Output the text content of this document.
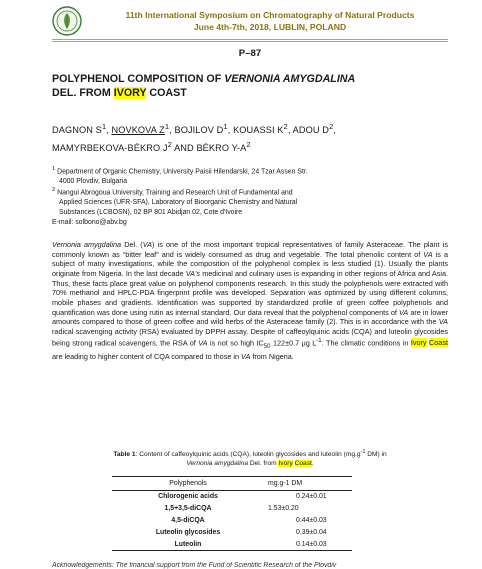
11th International Symposium on Chromatography of Natural Products
June 4th-7th, 2018, LUBLIN, POLAND
P–87
POLYPHENOL COMPOSITION OF VERNONIA AMYGDALINA
DEL. FROM IVORY COAST
DAGNON $S^1$, NOVKOVA $Z^1$, BOJILOV $D^1$, KOUASSI $K^2$, ADOU $D^2$,
MAMYRBEKOVA-BÉKRO $J^2$ AND BÉKRO $Y-A^2$
$^1$ Department of Organic Chemistry, University Paisii Hilendarski, 24 Tzar Assen Str.
4000 Plovdiv, Bulgaria
$^2$ Nangui Abrogoua University, Training and Research Unit of Fundamental and
Applied Sciences (UFR-SFA), Laboratory of Bioorganic Chemistry and Natural
Substances (LCBOSN), 02 BP 801 Abidjan 02, Cote d'Ivoire
E-mail: solbono@abv.bg
Vernonia amygdalina Del. (VA) is one of the most important tropical representatives of family Asteraceae. The plant is commonly known as “bitter leaf” and is widely consumed as drug and vegetable. The total phenolic content of VA is a subject of many investigations, while the composition of the polyphenol complex is less studied (1). Usually the plants originate from Nigeria. In the last decade VA's medicinal and culinary uses is expanding in other regions of Africa and Asia. Thus, these facts place great value on polyphenol components research. In this study the polyphenols were extracted with 70% methanol and HPLC-PDA fingerprint profile was developed. Separation was optimized by using different columns, mobile phases and gradients. Identification was supported by standardized profile of green coffee polyphenols and quantification was done using rutin as internal standard. Our data reveal that the polyphenol components of VA are in lower amounts compared to those of green coffee and wild herbs of the Asteraceae family (2). This is in accordance with the VA radical scavenging activity (RSA) evaluated by DPPH assay. Despite of caffeoylquinic acids (CQA) and luteolin glycosides being strong radical scavengers, the RSA of VA is not so high $IC_{50}$ 122±0.7 µg $L^{-1}$. The climatic conditions in Ivory Coast are leading to higher content of CQA compared to those in VA from Nigeria.
Table 1: Content of caffeoylquinic acids (CQA), luteolin glycosides and luteolin ($mg.g^{-1}$ DM) in
Vernonia amygdalina Del. from Ivory Coast.
Polyphenols	mg.g-1 DM
Chlorogenic acids	0.24±0.01
1,5+3,5-diCQA	1.53±0.20
4,5-diCQA	0.44±0.03
Luteolin glycosides	0.39±0.04
Luteolin	0.14±0.03
Acknowledgements: The financial support from the Fund of Scientific Research of the Plovdiv
